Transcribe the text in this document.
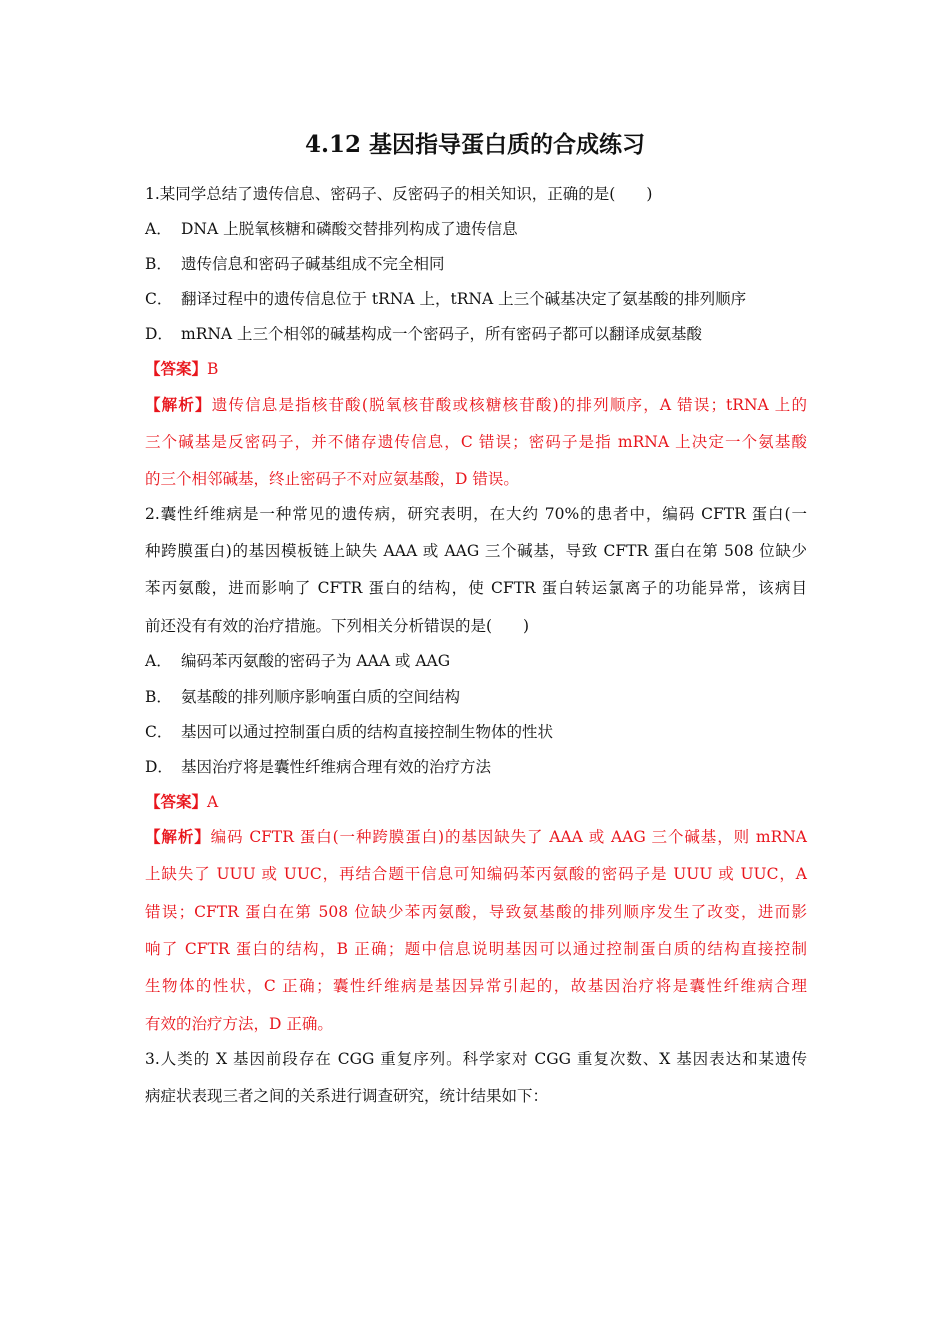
4.12 基因指导蛋白质的合成练习
1.某同学总结了遗传信息、密码子、反密码子的相关知识，正确的是(　　)
A． DNA 上脱氧核糖和磷酸交替排列构成了遗传信息
B． 遗传信息和密码子碱基组成不完全相同
C． 翻译过程中的遗传信息位于 tRNA 上，tRNA 上三个碱基决定了氨基酸的排列顺序
D． mRNA 上三个相邻的碱基构成一个密码子，所有密码子都可以翻译成氨基酸
【答案】B
【解析】遗传信息是指核苷酸(脱氧核苷酸或核糖核苷酸)的排列顺序，A 错误；tRNA 上的
三个碱基是反密码子，并不储存遗传信息，C 错误；密码子是指 mRNA 上决定一个氨基酸
的三个相邻碱基，终止密码子不对应氨基酸，D 错误。
2.囊性纤维病是一种常见的遗传病，研究表明，在大约 70%的患者中，编码 CFTR 蛋白(一
种跨膜蛋白)的基因模板链上缺失 AAA 或 AAG 三个碱基，导致 CFTR 蛋白在第 508 位缺少
苯丙氨酸，进而影响了 CFTR 蛋白的结构，使 CFTR 蛋白转运氯离子的功能异常，该病目
前还没有有效的治疗措施。下列相关分析错误的是(　　)
A． 编码苯丙氨酸的密码子为 AAA 或 AAG
B． 氨基酸的排列顺序影响蛋白质的空间结构
C． 基因可以通过控制蛋白质的结构直接控制生物体的性状
D． 基因治疗将是囊性纤维病合理有效的治疗方法
【答案】A
【解析】编码 CFTR 蛋白(一种跨膜蛋白)的基因缺失了 AAA 或 AAG 三个碱基，则 mRNA
上缺失了 UUU 或 UUC，再结合题干信息可知编码苯丙氨酸的密码子是 UUU 或 UUC，A
错误；CFTR 蛋白在第 508 位缺少苯丙氨酸，导致氨基酸的排列顺序发生了改变，进而影
响了 CFTR 蛋白的结构，B 正确；题中信息说明基因可以通过控制蛋白质的结构直接控制
生物体的性状，C 正确；囊性纤维病是基因异常引起的，故基因治疗将是囊性纤维病合理
有效的治疗方法，D 正确。
3.人类的 X 基因前段存在 CGG 重复序列。科学家对 CGG 重复次数、X 基因表达和某遗传
病症状表现三者之间的关系进行调查研究，统计结果如下：
